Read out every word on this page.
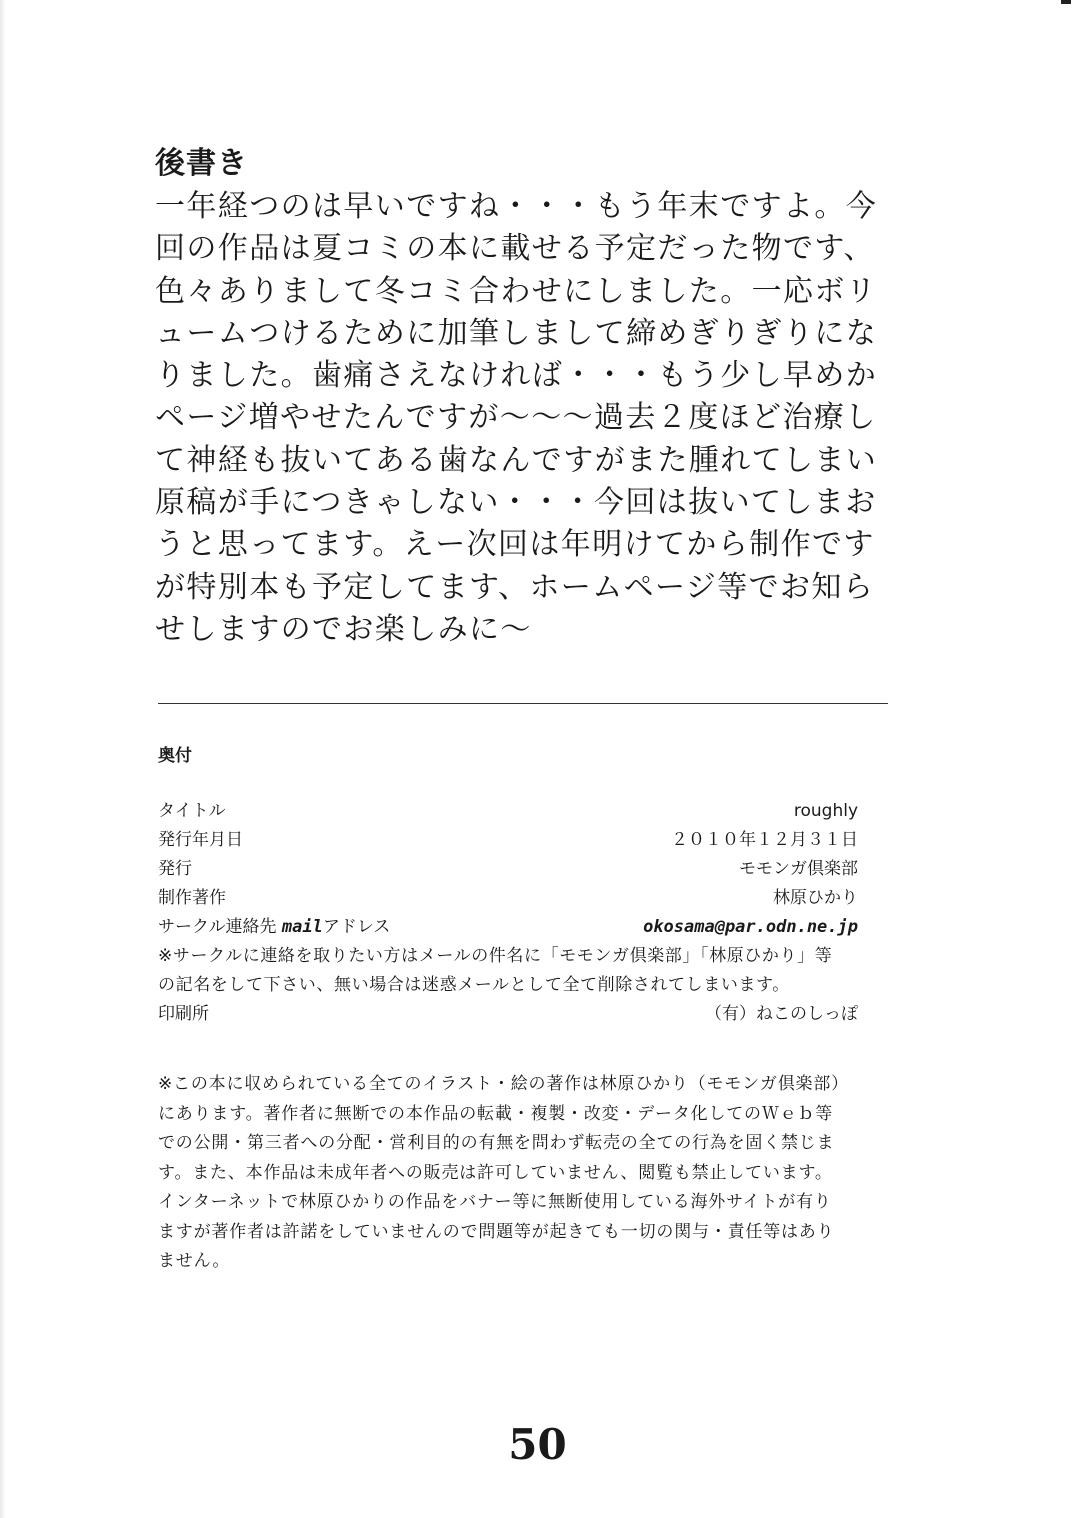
後書き

一年経つのは早いですね・・・もう年末ですよ。今

回の作品は夏コミの本に載せる予定だった物です、

色々ありまして冬コミ合わせにしました。一応ボリ

ュームつけるために加筆しまして締めぎりぎりにな

りました。歯痛さえなければ・・・もう少し早めか

ページ増やせたんですが～～～過去２度ほど治療し

て神経も抜いてある歯なんですがまた腫れてしまい

原稿が手につきゃしない・・・今回は抜いてしまお

うと思ってます。えー次回は年明けてから制作です

が特別本も予定してます、ホームページ等でお知ら

せしますのでお楽しみに～

奥付
タイトル	roughly
発行年月日	２０１０年１２月３１日
発行	モモンガ倶楽部
制作著作	林原ひかり
サークル連絡先 mailアドレス	okosama@par.odn.ne.jp
※サークルに連絡を取りたい方はメールの件名に「モモンガ倶楽部」「林原ひかり」等
の記名をして下さい、無い場合は迷惑メールとして全て削除されてしまいます。
印刷所	（有）ねこのしっぽ

※この本に収められている全てのイラスト・絵の著作は林原ひかり（モモンガ倶楽部）

にあります。著作者に無断での本作品の転載・複製・改変・データ化してのＷｅｂ等

での公開・第三者への分配・営利目的の有無を問わず転売の全ての行為を固く禁じま

す。また、本作品は未成年者への販売は許可していません、閲覧も禁止しています。

インターネットで林原ひかりの作品をバナー等に無断使用している海外サイトが有り

ますが著作者は許諾をしていませんので問題等が起きても一切の関与・責任等はあり

ません。

50
